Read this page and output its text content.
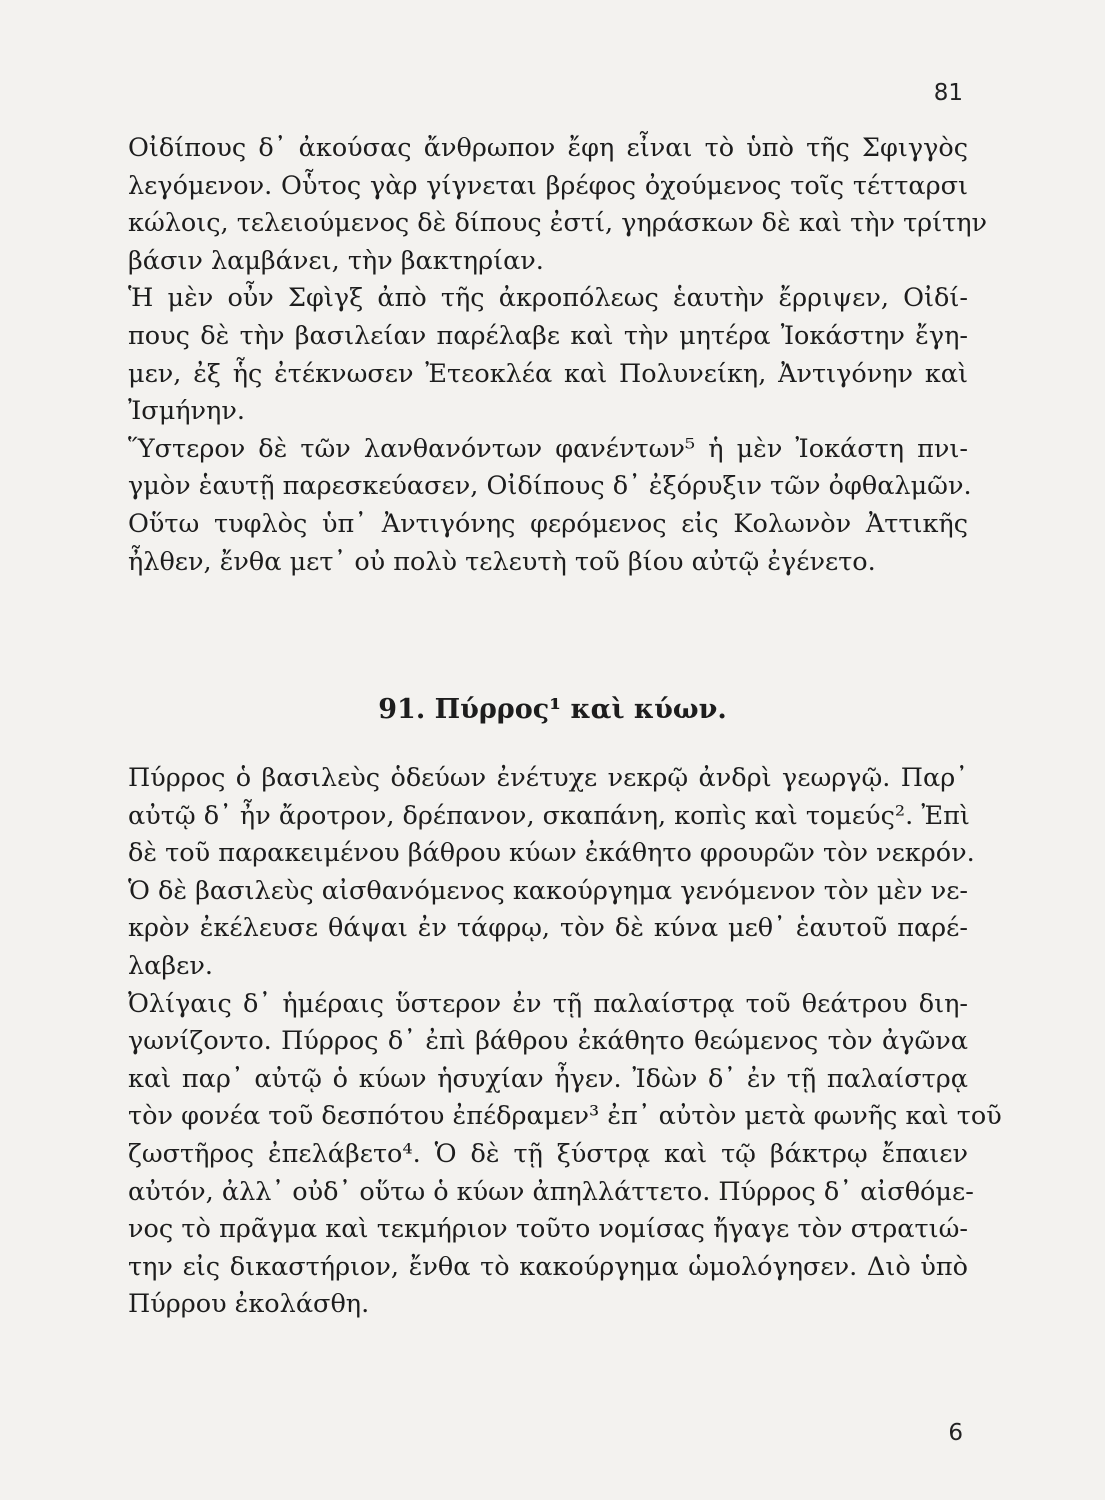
81
Οἰδίπους δ᾽ ἀκούσας ἄνθρωπον ἔφη εἶναι τὸ ὑπὸ τῆς Σφιγγὸς
λεγόμενον. Οὗτος γὰρ γίγνεται βρέφος ὀχούμενος τοῖς τέτταρσι
κώλοις, τελειούμενος δὲ δίπους ἐστί, γηράσκων δὲ καὶ τὴν τρίτην
βάσιν λαμβάνει, τὴν βακτηρίαν.
Ἡ μὲν οὖν Σφὶγξ ἀπὸ τῆς ἀκροπόλεως ἑαυτὴν ἔρριψεν, Οἰδί-
πους δὲ τὴν βασιλείαν παρέλαβε καὶ τὴν μητέρα Ἰοκάστην ἔγη-
μεν, ἐξ ἧς ἐτέκνωσεν Ἐτεοκλέα καὶ Πολυνείκη, Ἀντιγόνην καὶ
Ἰσμήνην.
Ὕστερον δὲ τῶν λανθανόντων φανέντων⁵ ἡ μὲν Ἰοκάστη πνι-
γμὸν ἑαυτῇ παρεσκεύασεν, Οἰδίπους δ᾽ ἐξόρυξιν τῶν ὀφθαλμῶν.
Οὕτω τυφλὸς ὑπ᾽ Ἀντιγόνης φερόμενος εἰς Κολωνὸν Ἀττικῆς
ἦλθεν, ἔνθα μετ᾽ οὐ πολὺ τελευτὴ τοῦ βίου αὐτῷ ἐγένετο.
91. Πύρρος¹ καὶ κύων.
Πύρρος ὁ βασιλεὺς ὁδεύων ἐνέτυχε νεκρῷ ἀνδρὶ γεωργῷ. Παρ᾽
αὐτῷ δ᾽ ἦν ἄροτρον, δρέπανον, σκαπάνη, κοπὶς καὶ τομεύς². Ἐπὶ
δὲ τοῦ παρακειμένου βάθρου κύων ἐκάθητο φρουρῶν τὸν νεκρόν.
Ὁ δὲ βασιλεὺς αἰσθανόμενος κακούργημα γενόμενον τὸν μὲν νε-
κρὸν ἐκέλευσε θάψαι ἐν τάφρῳ, τὸν δὲ κύνα μεθ᾽ ἑαυτοῦ παρέ-
λαβεν.
Ὀλίγαις δ᾽ ἡμέραις ὕστερον ἐν τῇ παλαίστρᾳ τοῦ θεάτρου διη-
γωνίζοντο. Πύρρος δ᾽ ἐπὶ βάθρου ἐκάθητο θεώμενος τὸν ἀγῶνα
καὶ παρ᾽ αὐτῷ ὁ κύων ἡσυχίαν ἦγεν. Ἰδὼν δ᾽ ἐν τῇ παλαίστρᾳ
τὸν φονέα τοῦ δεσπότου ἐπέδραμεν³ ἐπ᾽ αὐτὸν μετὰ φωνῆς καὶ τοῦ
ζωστῆρος ἐπελάβετο⁴. Ὁ δὲ τῇ ξύστρᾳ καὶ τῷ βάκτρῳ ἔπαιεν
αὐτόν, ἀλλ᾽ οὐδ᾽ οὕτω ὁ κύων ἀπηλλάττετο. Πύρρος δ᾽ αἰσθόμε-
νος τὸ πρᾶγμα καὶ τεκμήριον τοῦτο νομίσας ἤγαγε τὸν στρατιώ-
την εἰς δικαστήριον, ἔνθα τὸ κακούργημα ὡμολόγησεν. Διὸ ὑπὸ
Πύρρου ἐκολάσθη.
6
